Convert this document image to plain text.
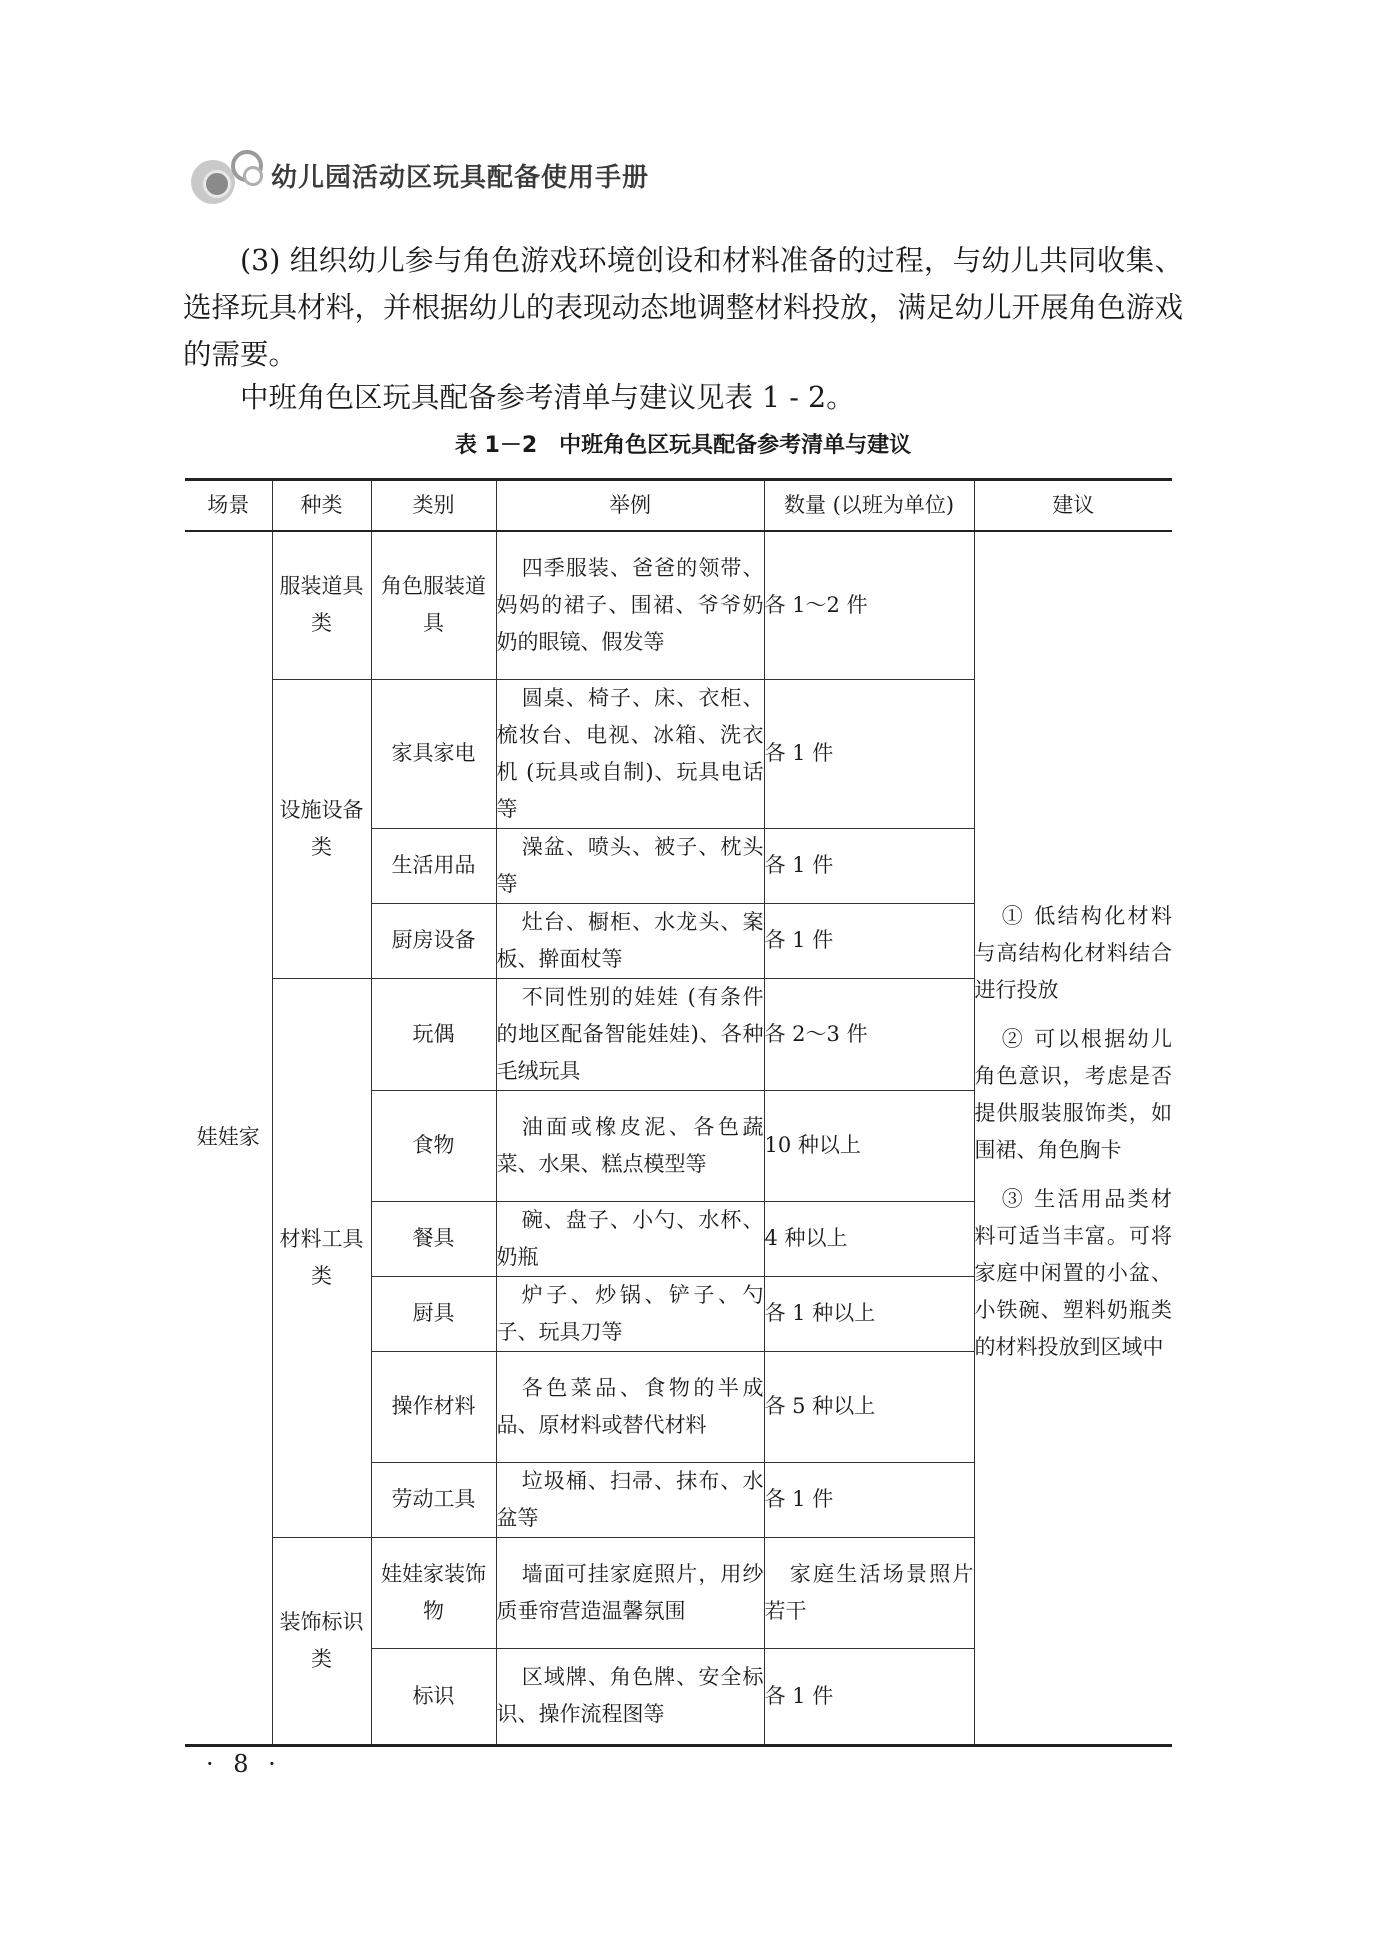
幼儿园活动区玩具配备使用手册

(3) 组织幼儿参与角色游戏环境创设和材料准备的过程，与幼儿共同收集、选择玩具材料，并根据幼儿的表现动态地调整材料投放，满足幼儿开展角色游戏的需要。

中班角色区玩具配备参考清单与建议见表 1 - 2。

表 1－2　中班角色区玩具配备参考清单与建议
场景	种类	类别	举例	数量 (以班为单位)	建议
娃娃家	服装道具类	角色服装道具	四季服装、爸爸的领带、妈妈的裙子、围裙、爷爷奶奶的眼镜、假发等	各 1～2 件	① 低结构化材料与高结构化材料结合进行投放

② 可以根据幼儿角色意识，考虑是否提供服装服饰类，如围裙、角色胸卡

③ 生活用品类材料可适当丰富。可将家庭中闲置的小盆、小铁碗、塑料奶瓶类的材料投放到区域中

	设施设备类	家具家电	圆桌、椅子、床、衣柜、梳妆台、电视、冰箱、洗衣机 (玩具或自制)、玩具电话等	各 1 件	
		生活用品	澡盆、喷头、被子、枕头等	各 1 件	
		厨房设备	灶台、橱柜、水龙头、案板、擀面杖等	各 1 件	
	材料工具类	玩偶	不同性别的娃娃 (有条件的地区配备智能娃娃)、各种毛绒玩具	各 2～3 件	
		食物	油面或橡皮泥、各色蔬菜、水果、糕点模型等	10 种以上	
		餐具	碗、盘子、小勺、水杯、奶瓶	4 种以上	
		厨具	炉子、炒锅、铲子、勺子、玩具刀等	各 1 种以上	
		操作材料	各色菜品、食物的半成品、原材料或替代材料	各 5 种以上	
		劳动工具	垃圾桶、扫帚、抹布、水盆等	各 1 件	
	装饰标识类	娃娃家装饰物	墙面可挂家庭照片，用纱质垂帘营造温馨氛围	家庭生活场景照片若干	
		标识	区域牌、角色牌、安全标识、操作流程图等	各 1 件	
· 8 ·
